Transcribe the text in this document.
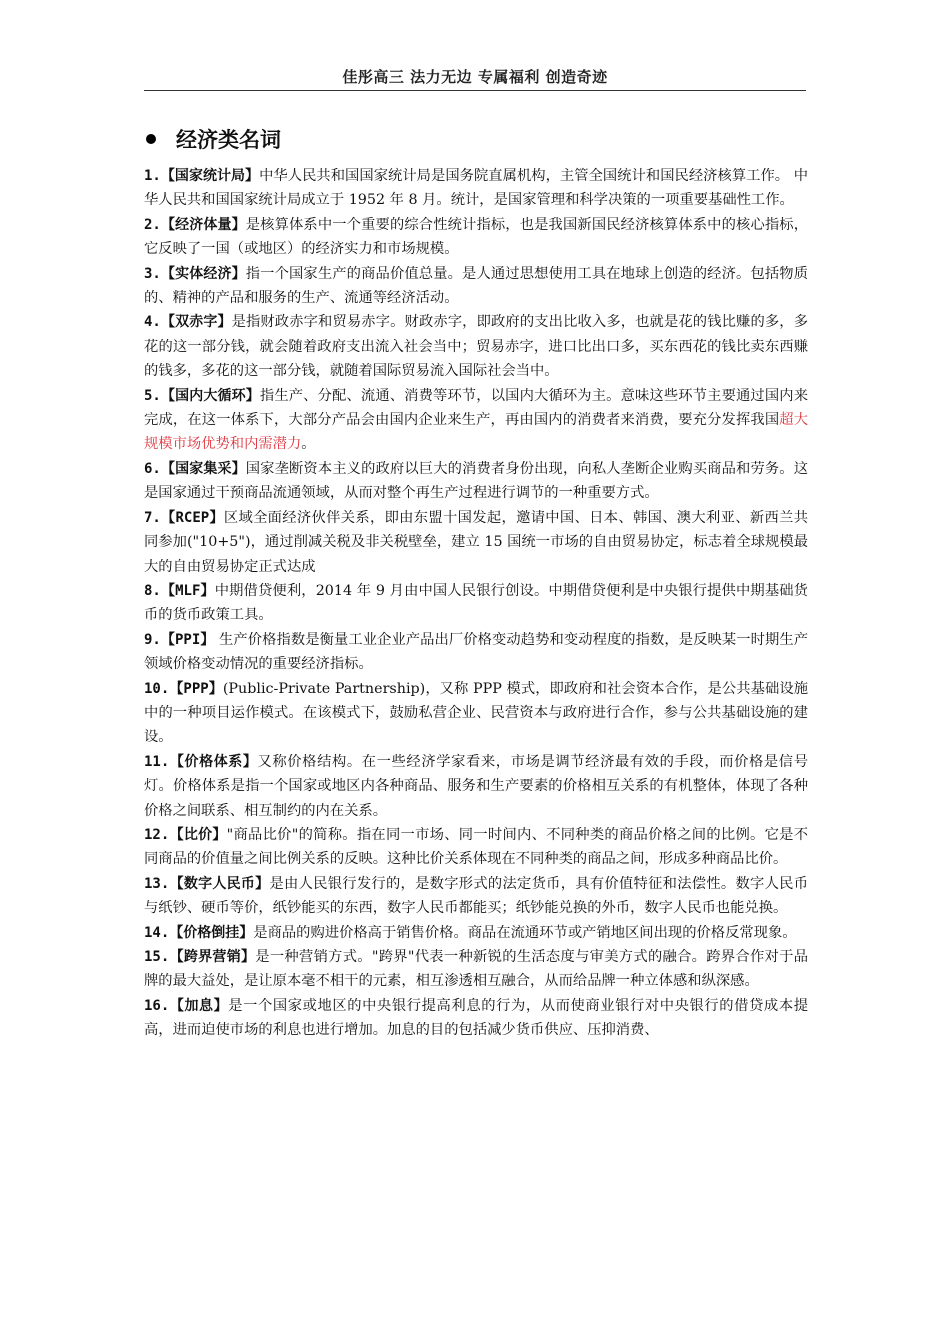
佳彤高三 法力无边 专属福利 创造奇迹
经济类名词

1.【国家统计局】中华人民共和国国家统计局是国务院直属机构，主管全国统计和国民经济核算工作。 中华人民共和国国家统计局成立于 1952 年 8 月。统计，是国家管理和科学决策的一项重要基础性工作。

2.【经济体量】是核算体系中一个重要的综合性统计指标，也是我国新国民经济核算体系中的核心指标，它反映了一国（或地区）的经济实力和市场规模。

3.【实体经济】指一个国家生产的商品价值总量。是人通过思想使用工具在地球上创造的经济。包括物质的、精神的产品和服务的生产、流通等经济活动。

4.【双赤字】是指财政赤字和贸易赤字。财政赤字，即政府的支出比收入多，也就是花的钱比赚的多，多花的这一部分钱，就会随着政府支出流入社会当中；贸易赤字，进口比出口多，买东西花的钱比卖东西赚的钱多，多花的这一部分钱，就随着国际贸易流入国际社会当中。

5.【国内大循环】指生产、分配、流通、消费等环节，以国内大循环为主。意味这些环节主要通过国内来完成，在这一体系下，大部分产品会由国内企业来生产，再由国内的消费者来消费，要充分发挥我国超大规模市场优势和内需潜力。

6.【国家集采】国家垄断资本主义的政府以巨大的消费者身份出现，向私人垄断企业购买商品和劳务。这是国家通过干预商品流通领域，从而对整个再生产过程进行调节的一种重要方式。

7.【RCEP】区域全面经济伙伴关系，即由东盟十国发起，邀请中国、日本、韩国、澳大利亚、新西兰共同参加("10+5")，通过削减关税及非关税壁垒，建立 15 国统一市场的自由贸易协定，标志着全球规模最大的自由贸易协定正式达成

8.【MLF】中期借贷便利，2014 年 9 月由中国人民银行创设。中期借贷便利是中央银行提供中期基础货币的货币政策工具。

9.【PPI】 生产价格指数是衡量工业企业产品出厂价格变动趋势和变动程度的指数，是反映某一时期生产领域价格变动情况的重要经济指标。

10.【PPP】(Public-Private Partnership)，又称 PPP 模式，即政府和社会资本合作，是公共基础设施中的一种项目运作模式。在该模式下，鼓励私营企业、民营资本与政府进行合作，参与公共基础设施的建设。

11.【价格体系】又称价格结构。在一些经济学家看来，市场是调节经济最有效的手段，而价格是信号灯。价格体系是指一个国家或地区内各种商品、服务和生产要素的价格相互关系的有机整体，体现了各种价格之间联系、相互制约的内在关系。

12.【比价】"商品比价"的简称。指在同一市场、同一时间内、不同种类的商品价格之间的比例。它是不同商品的价值量之间比例关系的反映。这种比价关系体现在不同种类的商品之间，形成多种商品比价。

13.【数字人民币】是由人民银行发行的，是数字形式的法定货币，具有价值特征和法偿性。数字人民币与纸钞、硬币等价，纸钞能买的东西，数字人民币都能买；纸钞能兑换的外币，数字人民币也能兑换。

14.【价格倒挂】是商品的购进价格高于销售价格。商品在流通环节或产销地区间出现的价格反常现象。

15.【跨界营销】是一种营销方式。"跨界"代表一种新锐的生活态度与审美方式的融合。跨界合作对于品牌的最大益处，是让原本毫不相干的元素，相互渗透相互融合，从而给品牌一种立体感和纵深感。

16.【加息】是一个国家或地区的中央银行提高利息的行为，从而使商业银行对中央银行的借贷成本提高，进而迫使市场的利息也进行增加。加息的目的包括减少货币供应、压抑消费、
